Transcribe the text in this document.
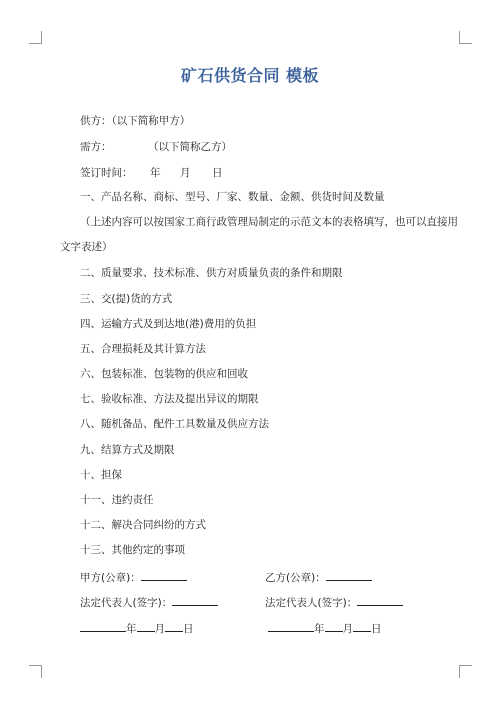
矿石供货合同 模板
供方：（以下简称甲方）
需方：	（以下简称乙方）
签订时间： 年 月 日
一、产品名称、商标、型号、厂家、数量、金额、供货时间及数量
（上述内容可以按国家工商行政管理局制定的示范文本的表格填写，也可以直接用
文字表述）
二、质量要求、技术标准、供方对质量负责的条件和期限
三、交(提)货的方式
四、运输方式及到达地(港)费用的负担
五、合理损耗及其计算方法
六、包装标准、包装物的供应和回收
七、验收标准、方法及提出异议的期限
八、随机备品、配件工具数量及供应方法
九、结算方式及期限
十、担保
十一、违约责任
十二、解决合同纠纷的方式
十三、其他约定的事项
甲方(公章)：	乙方(公章)：
法定代表人(签字)：	法定代表人(签字)：
年 月 日	年 月 日
